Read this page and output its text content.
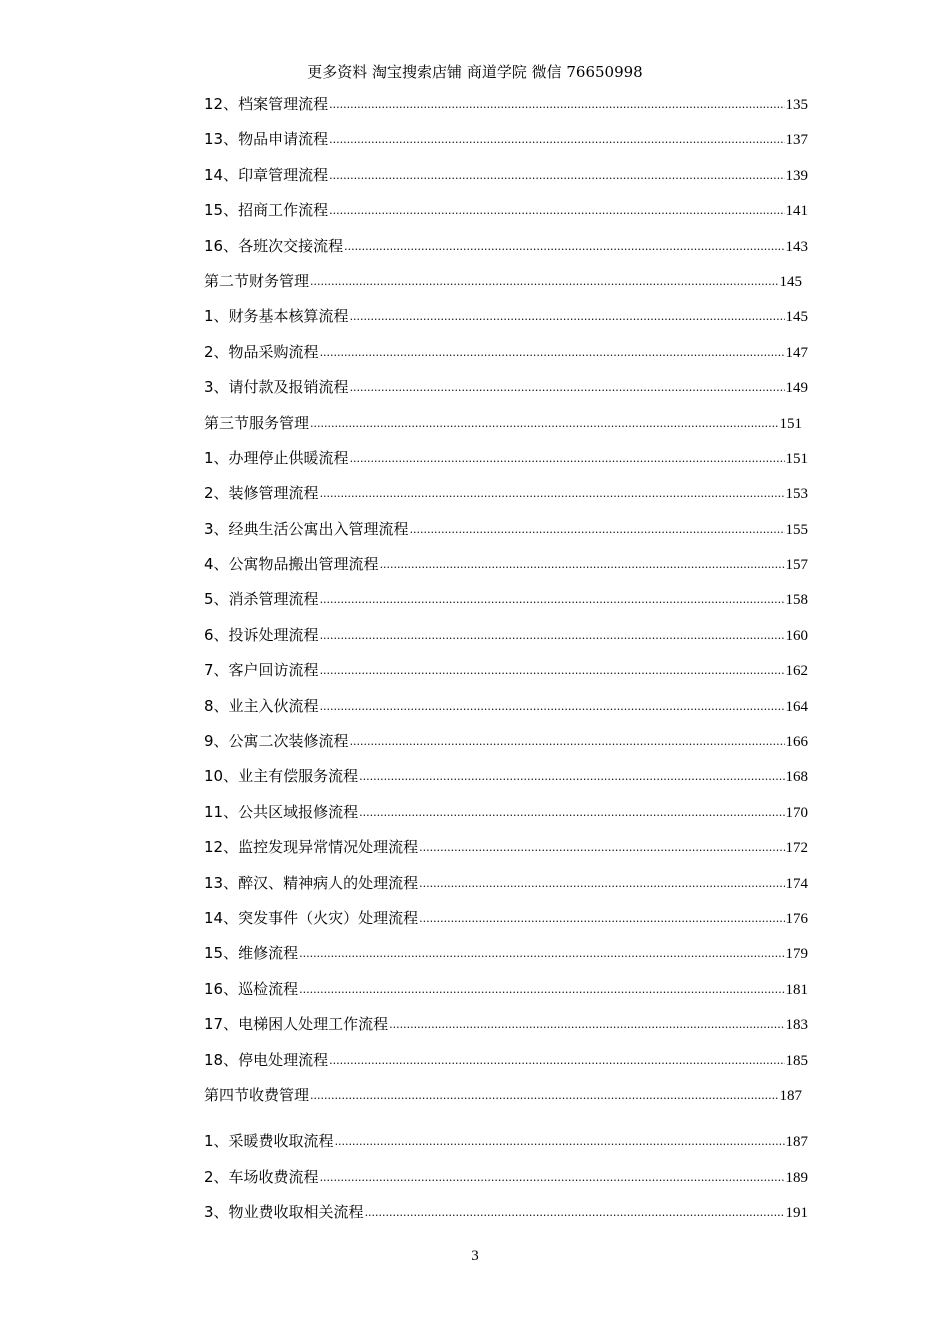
更多资料 淘宝搜索店铺 商道学院 微信 76650998
12、 档案管理流程 .....	135
13、 物品申请流程 .....	137
14、 印章管理流程 .....	139
15、 招商工作流程 .....	141
16、 各班次交接流程 .....	143
第二节财务管理 .....	145
1、 财务基本核算流程 .....	145
2、 物品采购流程 .....	147
3、 请付款及报销流程 .....	149
第三节服务管理 .....	151
1、 办理停止供暖流程 .....	151
2、 装修管理流程 .....	153
3、 经典生活公寓出入管理流程 .....	155
4、 公寓物品搬出管理流程 .....	157
5、 消杀管理流程 .....	158
6、 投诉处理流程 .....	160
7、 客户回访流程 .....	162
8、 业主入伙流程 .....	164
9、 公寓二次装修流程 .....	166
10、 业主有偿服务流程 .....	168
11、 公共区域报修流程 .....	170
12、 监控发现异常情况处理流程 .....	172
13、 醉汉、精神病人的处理流程 .....	174
14、 突发事件（火灾）处理流程 .....	176
15、 维修流程 .....	179
16、 巡检流程 .....	181
17、 电梯困人处理工作流程 .....	183
18、 停电处理流程 .....	185
第四节收费管理 .....	187
1、 采暖费收取流程 .....	187
2、 车场收费流程 .....	189
3、 物业费收取相关流程 .....	191
3
